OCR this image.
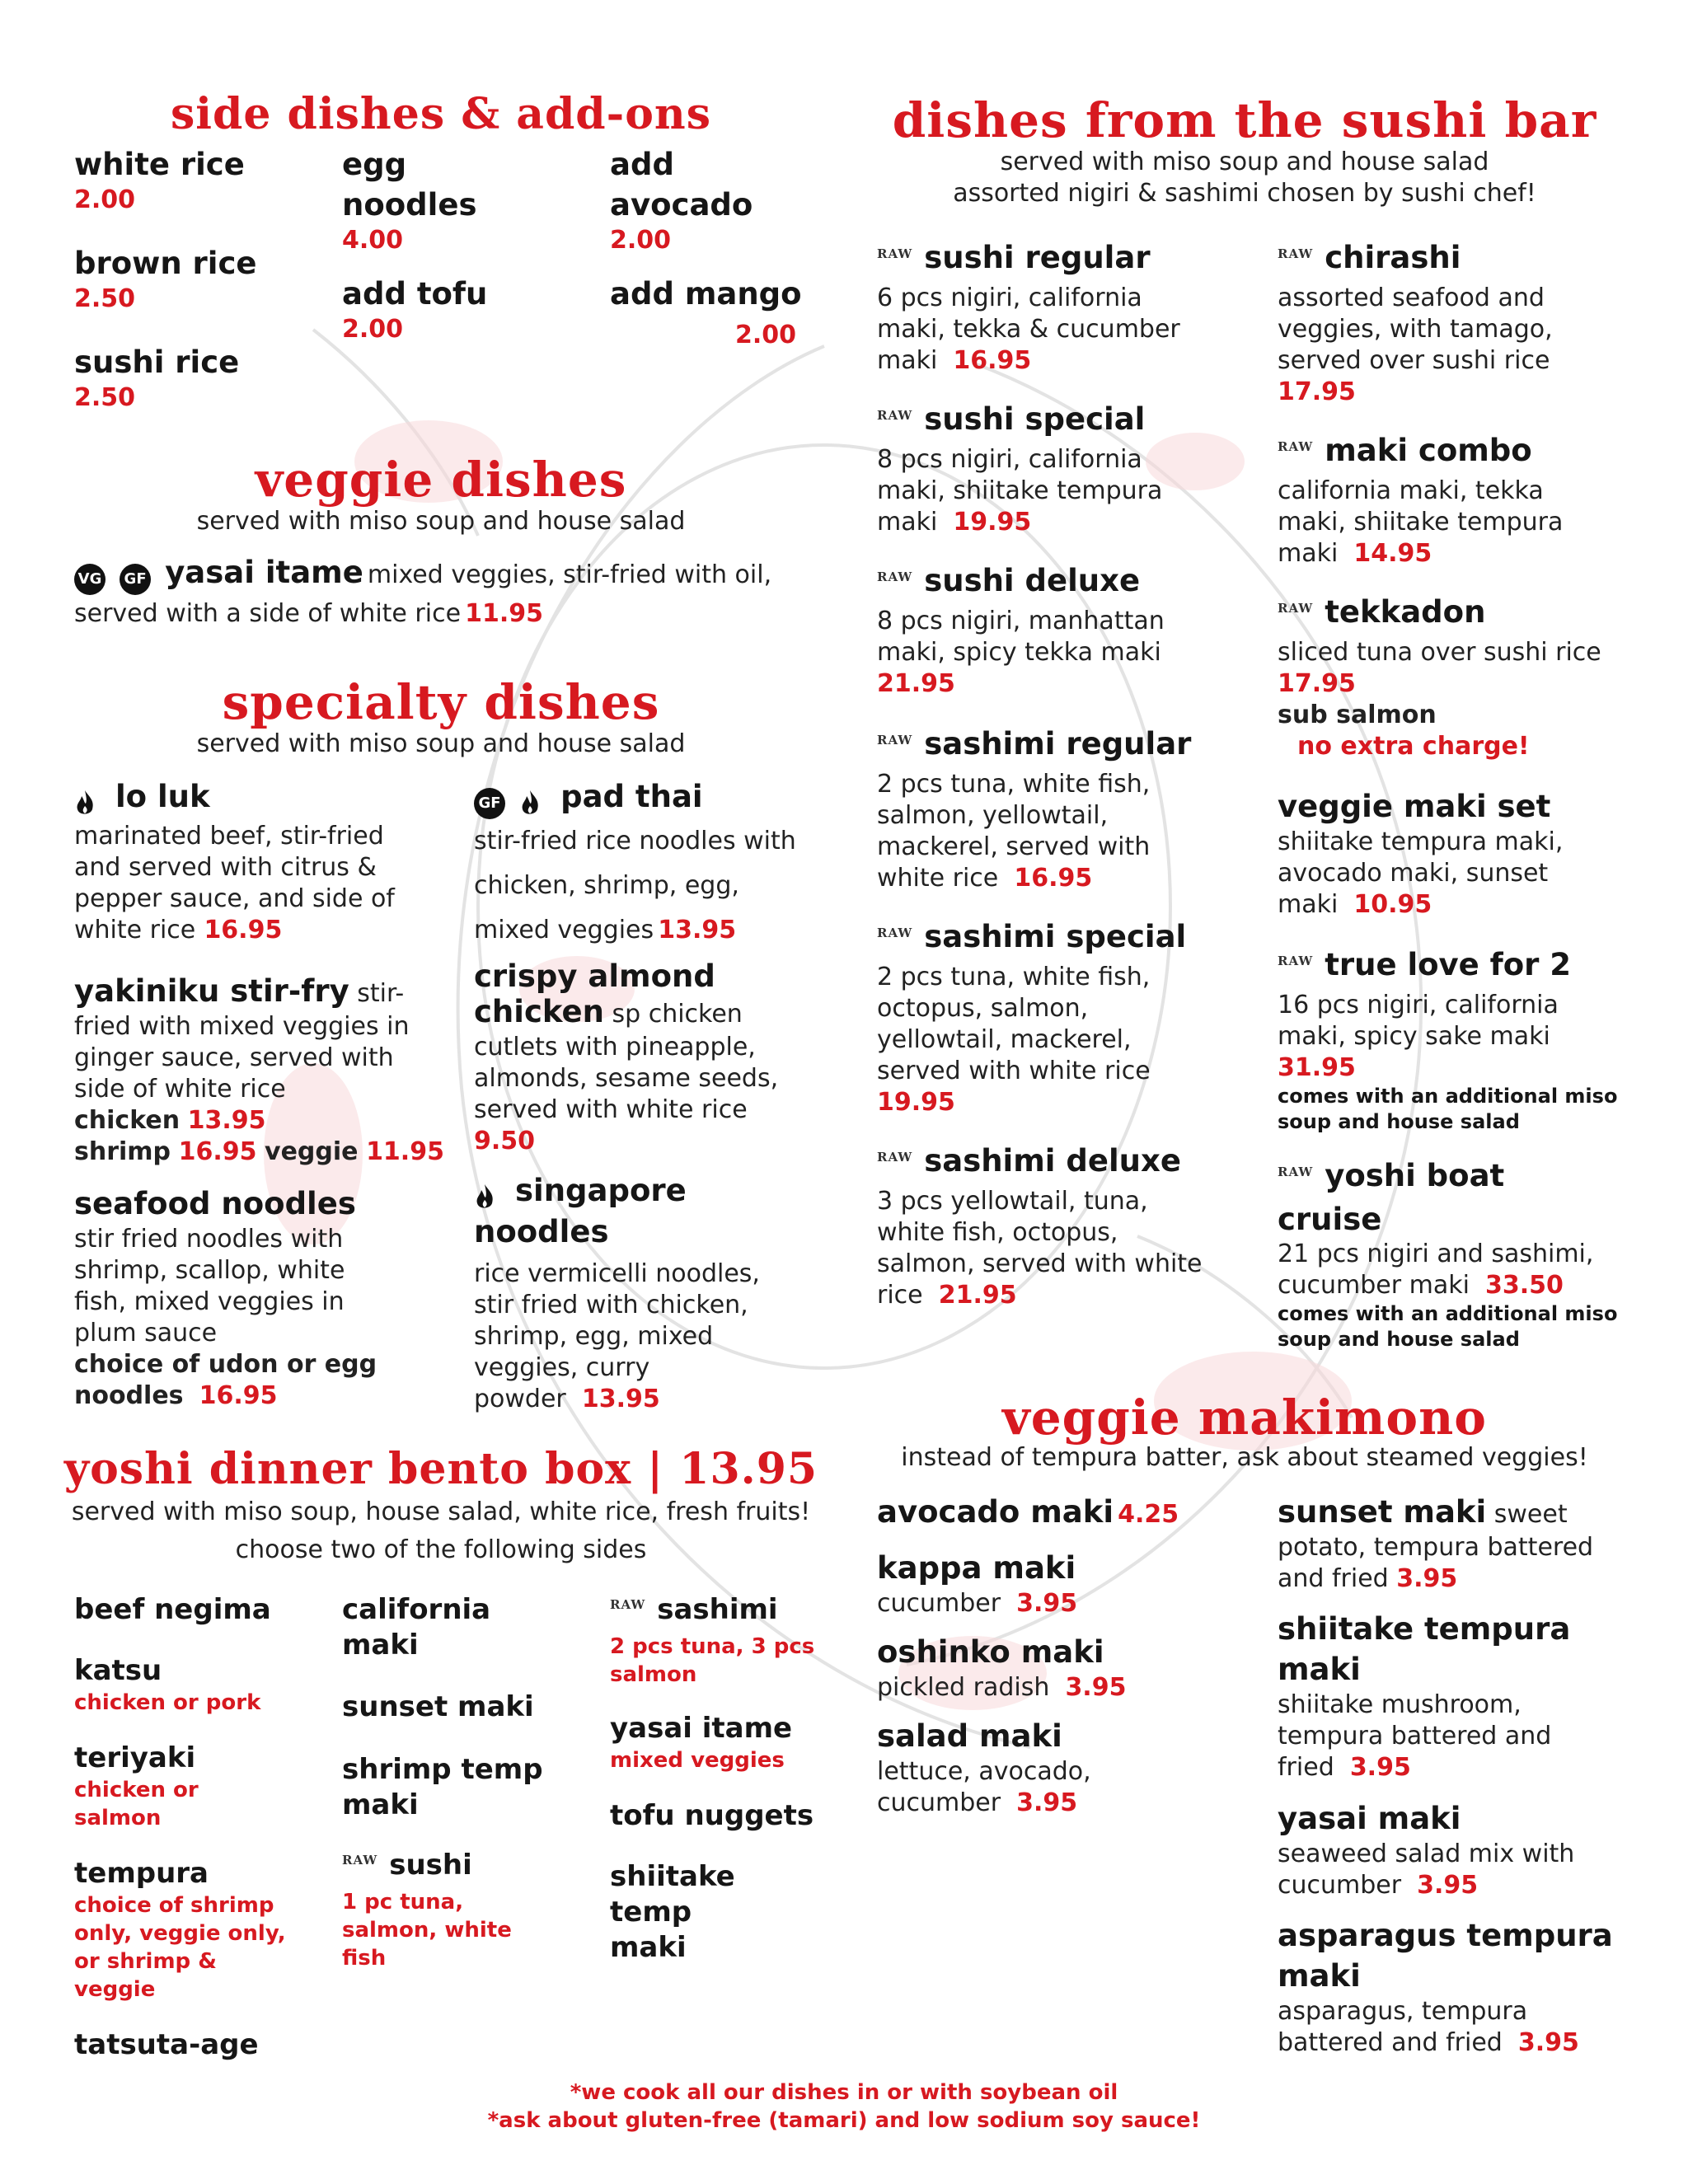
side dishes & add-ons
white rice
2.00
brown rice
2.50
sushi rice
2.50
egg noodles
4.00
add tofu
2.00
add avocado
2.00
add mango
2.00
veggie dishes
served with miso soup and house salad
VG GF yasai itame mixed veggies, stir-fried with oil,
served with a side of white rice 11.95
specialty dishes
served with miso soup and house salad
lo luk
marinated beef, stir-fried and served with citrus & pepper sauce, and side of white rice 16.95
yakiniku stir-fry stir-fried with mixed veggies in ginger sauce, served with side of white rice
chicken 13.95
shrimp 16.95 veggie 11.95
seafood noodles
stir fried noodles with shrimp, scallop, white fish, mixed veggies in plum sauce
choice of udon or egg noodles 16.95
GF pad thai
stir-fried rice noodles with chicken, shrimp, egg, mixed veggies 13.95
crispy almond
chicken sp chicken cutlets with pineapple, almonds, sesame seeds, served with white rice
9.50
singapore
noodles
rice vermicelli noodles, stir fried with chicken, shrimp, egg, mixed veggies, curry powder 13.95
yoshi dinner bento box | 13.95
served with miso soup, house salad, white rice, fresh fruits!
choose two of the following sides
beef negima
katsu
chicken or pork
teriyaki
chicken or salmon
tempura
choice of shrimp only, veggie only, or shrimp & veggie
tatsuta-age
california maki
sunset maki
shrimp temp maki
$^{RAW}$ sushi
1 pc tuna, salmon, white fish
$^{RAW}$ sashimi
2 pcs tuna, 3 pcs salmon
yasai itame
mixed veggies
tofu nuggets
shiitake temp maki
dishes from the sushi bar
served with miso soup and house salad
assorted nigiri & sashimi chosen by sushi chef!
$^{RAW}$ sushi regular
6 pcs nigiri, california maki, tekka & cucumber maki 16.95
$^{RAW}$ sushi special
8 pcs nigiri, california maki, shiitake tempura maki 19.95
$^{RAW}$ sushi deluxe
8 pcs nigiri, manhattan maki, spicy tekka maki
21.95
$^{RAW}$ sashimi regular
2 pcs tuna, white fish, salmon, yellowtail, mackerel, served with white rice 16.95
$^{RAW}$ sashimi special
2 pcs tuna, white fish, octopus, salmon, yellowtail, mackerel, served with white rice
19.95
$^{RAW}$ sashimi deluxe
3 pcs yellowtail, tuna, white fish, octopus, salmon, served with white rice 21.95
$^{RAW}$ chirashi
assorted seafood and veggies, with tamago, served over sushi rice
17.95
$^{RAW}$ maki combo
california maki, tekka maki, shiitake tempura maki 14.95
$^{RAW}$ tekkadon
sliced tuna over sushi rice
17.95
sub salmon
no extra charge!
veggie maki set
shiitake tempura maki, avocado maki, sunset maki 10.95
$^{RAW}$ true love for 2
16 pcs nigiri, california maki, spicy sake maki
31.95
comes with an additional miso soup and house salad
$^{RAW}$ yoshi boat
cruise
21 pcs nigiri and sashimi, cucumber maki 33.50
comes with an additional miso soup and house salad
veggie makimono
instead of tempura batter, ask about steamed veggies!
avocado maki 4.25
kappa maki
cucumber 3.95
oshinko maki
pickled radish 3.95
salad maki
lettuce, avocado, cucumber 3.95
sunset maki sweet potato, tempura battered and fried 3.95
shiitake tempura maki
shiitake mushroom, tempura battered and fried 3.95
yasai maki
seaweed salad mix with cucumber 3.95
asparagus tempura maki
asparagus, tempura battered and fried 3.95
*we cook all our dishes in or with soybean oil
*ask about gluten-free (tamari) and low sodium soy sauce!
